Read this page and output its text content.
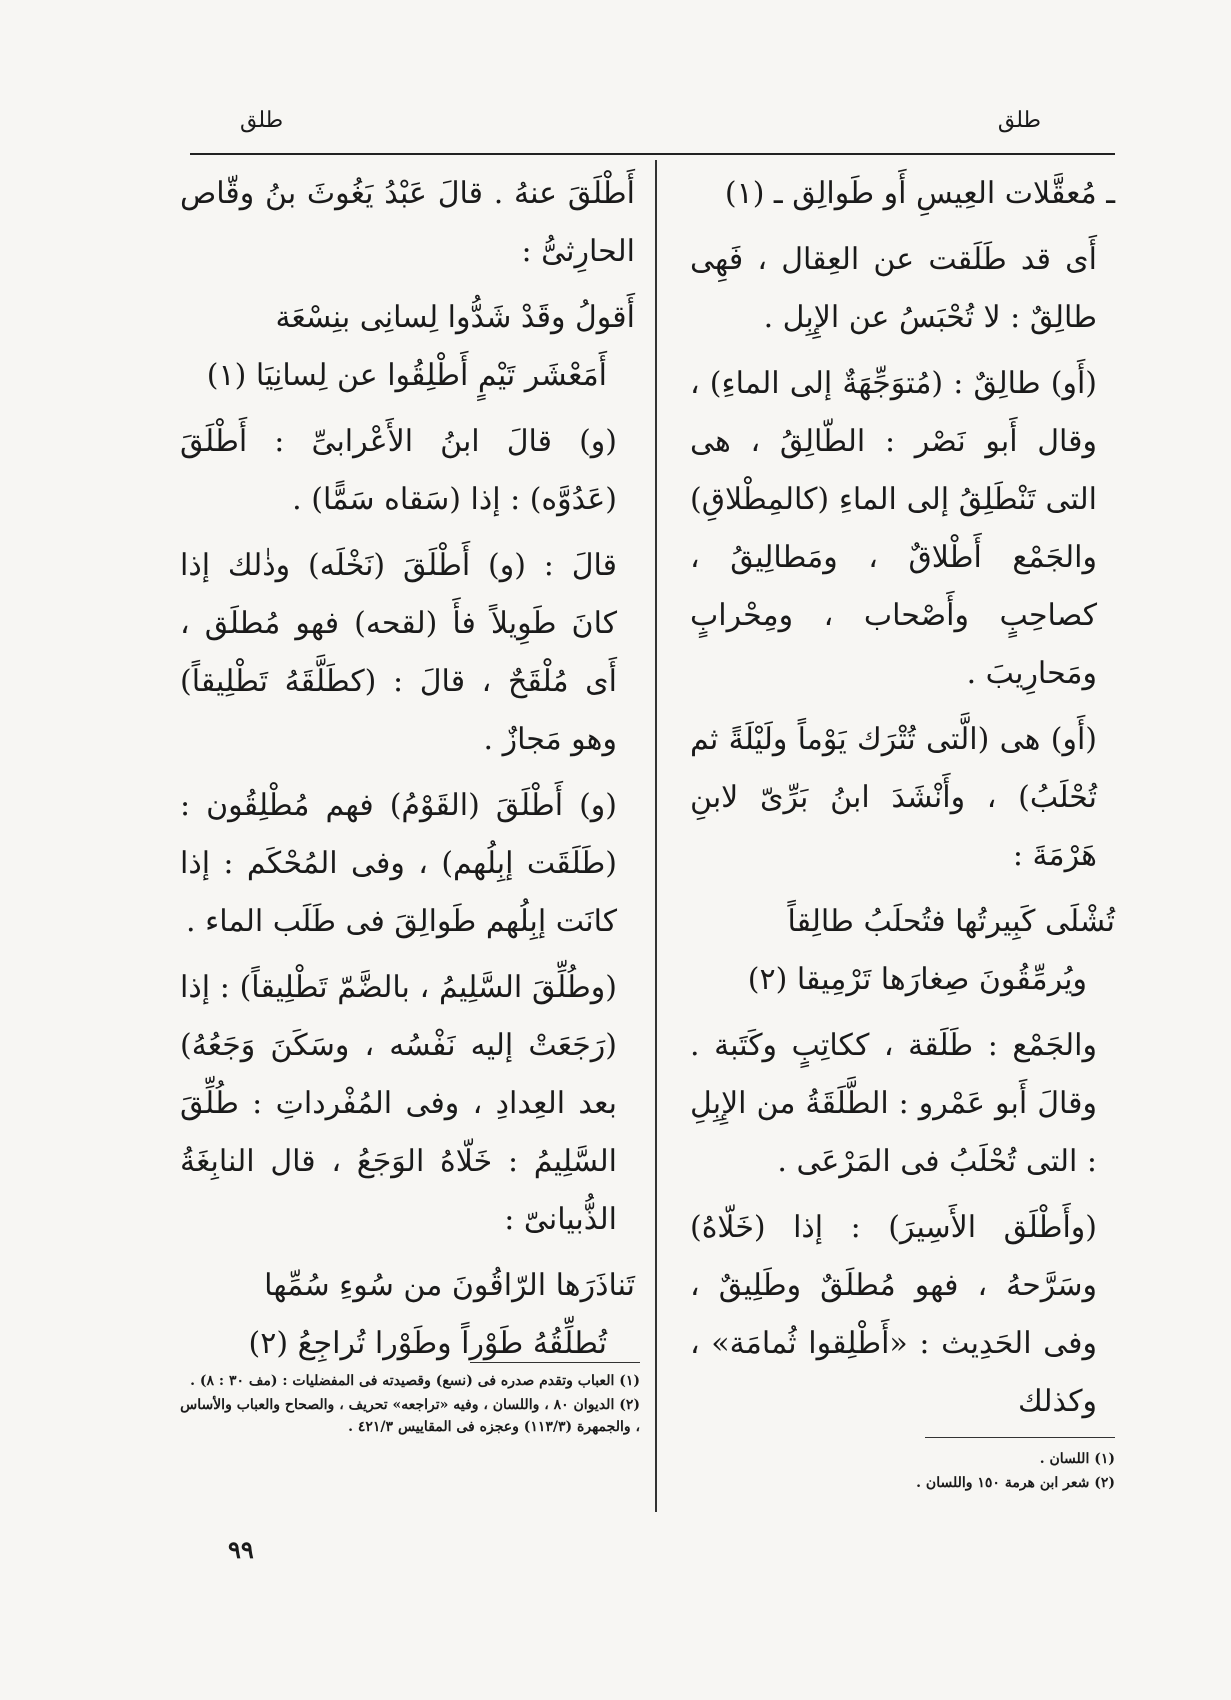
طلق
طلق

ـ مُعقَّلات العِيسِ أَو طَوالِق ـ (١)

أَى قد طَلَقت عن العِقال ، فَهِى طالِقٌ : لا تُحْبَسُ عن الإِبِل .

(أَو) طالِقٌ : (مُتوَجِّهَةٌ إلى الماءِ) ، وقال أَبو نَصْر : الطّالِقُ ، هى التى تَنْطَلِقُ إلى الماءِ (كالمِطْلاقِ) والجَمْع أَطْلاقٌ ، ومَطالِيقُ ، كصاحِبٍ وأَصْحاب ، ومِحْرابٍ ومَحارِيبَ .

(أَو) هى (الَّتى تُتْرَك يَوْماً ولَيْلَةً ثم تُحْلَبُ) ، وأَنْشَدَ ابنُ بَرِّىّ لابنِ هَرْمَةَ :

تُشْلَى كَبِيرتُها فتُحلَبُ طالِقاً
ويُرمِّقُونَ صِغارَها تَرْمِيقا (٢)

والجَمْع : طَلَقة ، ككاتِبٍ وكَتَبة . وقالَ أَبو عَمْرو : الطَّلَقَةُ من الإِبِلِ : التى تُحْلَبُ فى المَرْعَى .

(وأَطْلَق الأَسِيرَ) : إذا (خَلّاهُ) وسَرَّحهُ ، فهو مُطلَقٌ وطَلِيقٌ ، وفى الحَدِيث : «أَطْلِقوا ثُمامَة» ، وكذلك

أَطْلَقَ عنهُ . قالَ عَبْدُ يَغُوثَ بنُ وقّاص الحارِثىُّ :

أَقولُ وقَدْ شَدُّوا لِسانِى بنِسْعَة
أَمَعْشَر تَيْمٍ أَطْلِقُوا عن لِسانِيَا (١)

(و) قالَ ابنُ الأَعْرابىِّ : أَطْلَقَ (عَدُوَّه) : إذا (سَقاه سَمًّا) .

قالَ : (و) أَطْلَقَ (نَخْلَه) وذٰلك إذا كانَ طَوِيلاً فأَ (لقحه) فهو مُطلَق ، أَى مُلْقَحٌ ، قالَ : (كطَلَّقَهُ تَطْلِيقاً) وهو مَجازٌ .

(و) أَطْلَقَ (القَوْمُ) فهم مُطْلِقُون : (طَلَقَت إبِلُهم) ، وفى المُحْكَم : إذا كانَت إبِلُهم طَوالِقَ فى طَلَب الماء .

(وطُلِّقَ السَّلِيمُ ، بالضَّمّ تَطْلِيقاً) : إذا (رَجَعَتْ إليه نَفْسُه ، وسَكَنَ وَجَعُهُ) بعد العِدادِ ، وفى المُفْرداتِ : طُلِّقَ السَّلِيمُ : خَلّاهُ الوَجَعُ ، قال النابِغَةُ الذُّبيانىّ :

تَناذَرَها الرّاقُونَ من سُوءِ سُمِّها
تُطلِّقُهُ طَوْراً وطَوْرا تُراجِعُ (٢)

(١) اللسان .

(٢) شعر ابن هرمة ١٥٠ واللسان .

(١) العباب وتقدم صدره فى (نسع) وقصيدته فى المفضليات : (مف ٣٠ : ٨) .

(٢) الديوان ٨٠ ، واللسان ، وفيه «تراجعه» تحريف ، والصحاح والعباب والأساس ، والجمهرة (١١٣/٣) وعجزه فى المقاييس ٤٢١/٣ .

٩٩
